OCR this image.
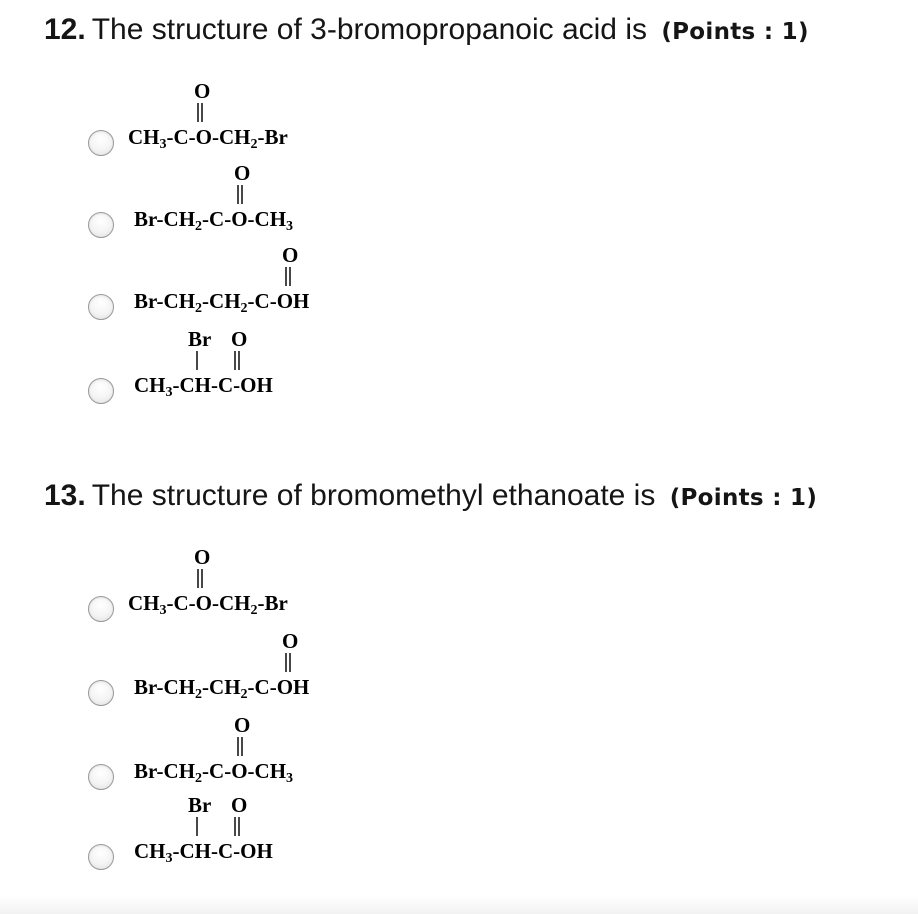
12. The structure of 3-bromopropanoic acid is (Points : 1)
O
CH3-C-O-CH2-Br
O
Br-CH2-C-O-CH3
O
Br-CH2-CH2-C-OH
Br O
CH3-CH-C-OH
13. The structure of bromomethyl ethanoate is (Points : 1)
O
CH3-C-O-CH2-Br
O
Br-CH2-CH2-C-OH
O
Br-CH2-C-O-CH3
Br O
CH3-CH-C-OH
